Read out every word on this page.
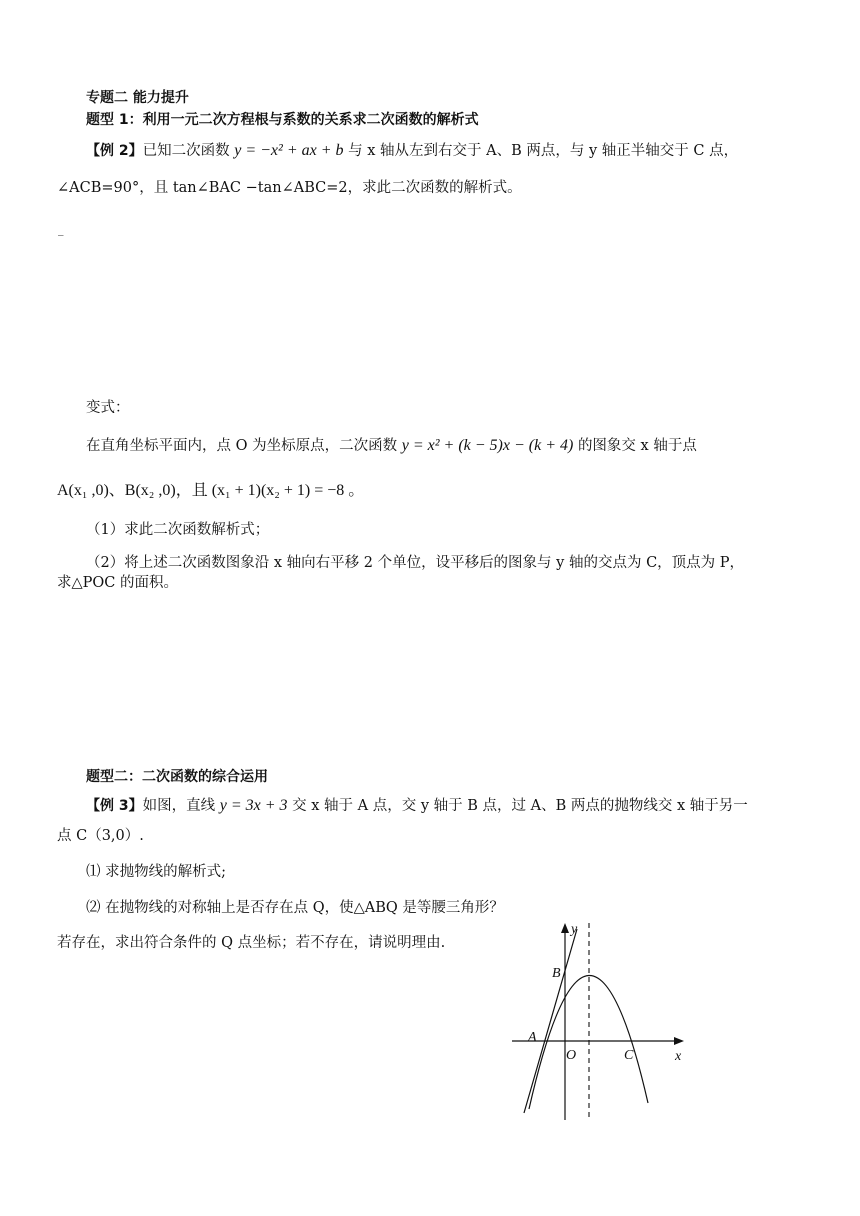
专题二 能力提升
题型 1：利用一元二次方程根与系数的关系求二次函数的解析式
【例 2】已知二次函数 y = −x² + ax + b 与 x 轴从左到右交于 A、B 两点，与 y 轴正半轴交于 C 点，
∠ACB=90°，且 tan∠BAC −tan∠ABC=2，求此二次函数的解析式。
_
变式：
在直角坐标平面内，点 O 为坐标原点，二次函数 y = x² + (k − 5)x − (k + 4) 的图象交 x 轴于点
A(x₁ ,0)、B(x₂ ,0)，且 (x₁ + 1)(x₂ + 1) = −8 。
（1）求此二次函数解析式；
（2）将上述二次函数图象沿 x 轴向右平移 2 个单位，设平移后的图象与 y 轴的交点为 C，顶点为 P，
求△POC 的面积。
题型二：二次函数的综合运用
【例 3】如图，直线 y = 3x + 3 交 x 轴于 A 点，交 y 轴于 B 点，过 A、B 两点的抛物线交 x 轴于另一
点 C（3,0）.
⑴ 求抛物线的解析式;
⑵ 在抛物线的对称轴上是否存在点 Q，使△ABQ 是等腰三角形？
若存在，求出符合条件的 Q 点坐标；若不存在，请说明理由.
y
B
A
O	C	x
